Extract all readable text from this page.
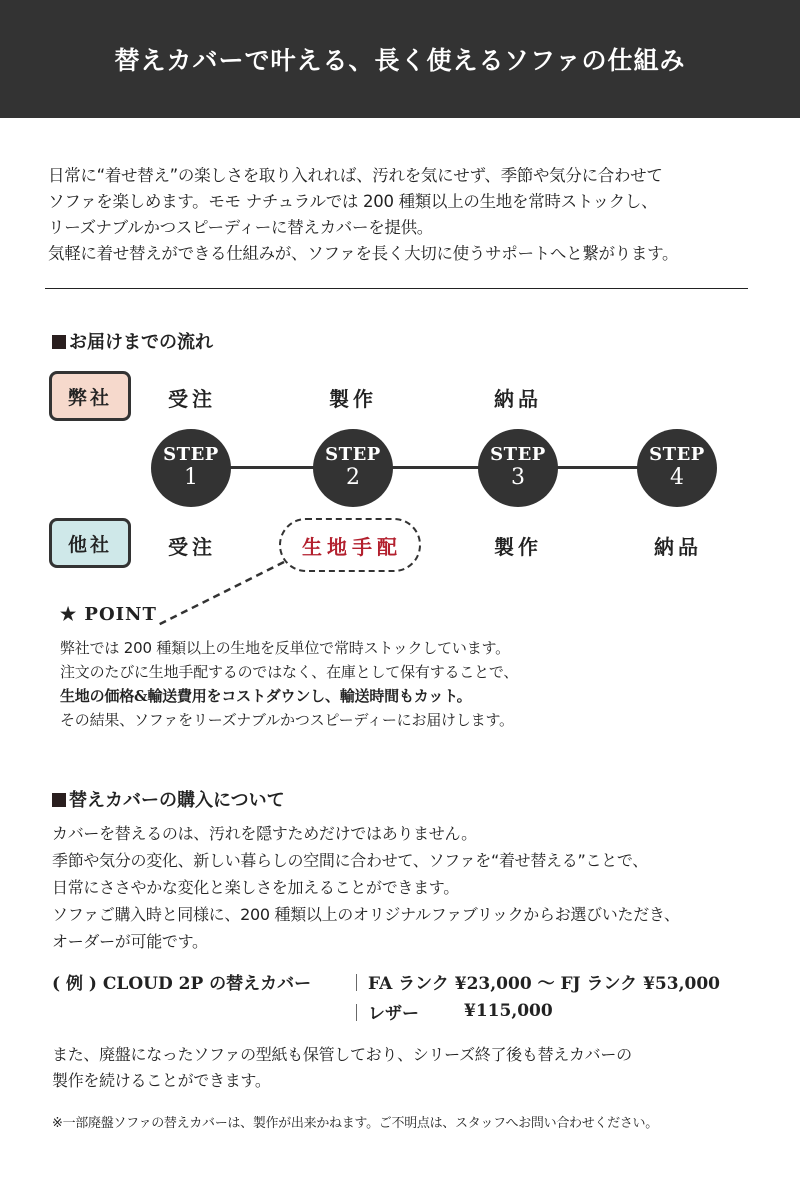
替えカバーで叶える、長く使えるソファの仕組み

日常に“着せ替え”の楽しさを取り入れれば、汚れを気にせず、季節や気分に合わせて

ソファを楽しめます。モモ ナチュラルでは 200 種類以上の生地を常時ストックし、

リーズナブルかつスピーディーに替えカバーを提供。

気軽に着せ替えができる仕組みが、ソファを長く大切に使うサポートへと繋がります。

お届けまでの流れ
弊社	受注	製作	納品
STEP
1
STEP
2
STEP
3
STEP
4
他社	受注	生地手配	製作	納品
★ POINT

弊社では 200 種類以上の生地を反単位で常時ストックしています。

注文のたびに生地手配するのではなく、在庫として保有することで、

生地の価格&輸送費用をコストダウンし、輸送時間もカット。

その結果、ソファをリーズナブルかつスピーディーにお届けします。

替えカバーの購入について

カバーを替えるのは、汚れを隠すためだけではありません。

季節や気分の変化、新しい暮らしの空間に合わせて、ソファを“着せ替える”ことで、

日常にささやかな変化と楽しさを加えることができます。

ソファご購入時と同様に、200 種類以上のオリジナルファブリックからお選びいただき、

オーダーが可能です。

( 例 ) CLOUD 2P の替えカバー	｜ FA ランク ¥23,000 ～ FJ ランク ¥53,000
｜ レザー	¥115,000

また、廃盤になったソファの型紙も保管しており、シリーズ終了後も替えカバーの

製作を続けることができます。

※一部廃盤ソファの替えカバーは、製作が出来かねます。ご不明点は、スタッフへお問い合わせください。
